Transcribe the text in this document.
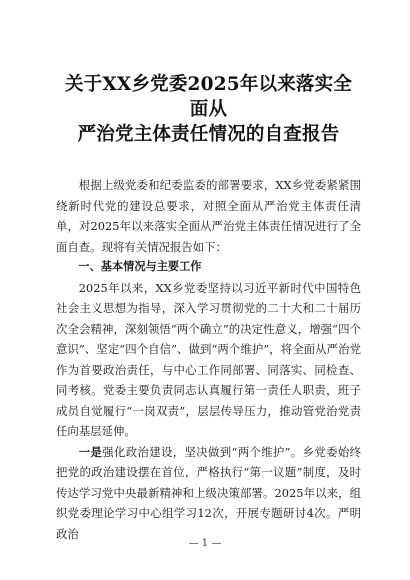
关于XX乡党委2025年以来落实全面从
严治党主体责任情况的自查报告

根据上级党委和纪委监委的部署要求，XX乡党委紧紧围绕新时代党的建设总要求，对照全面从严治党主体责任清单，对2025年以来落实全面从严治党主体责任情况进行了全面自查。现将有关情况报告如下：

一、基本情况与主要工作

2025年以来，XX乡党委坚持以习近平新时代中国特色社会主义思想为指导，深入学习贯彻党的二十大和二十届历次全会精神，深刻领悟“两个确立”的决定性意义，增强“四个意识”、坚定“四个自信”、做到“两个维护”，将全面从严治党作为首要政治责任，与中心工作同部署、同落实、同检查、同考核。党委主要负责同志认真履行第一责任人职责，班子成员自觉履行“一岗双责”，层层传导压力，推动管党治党责任向基层延伸。

一是强化政治建设，坚决做到“两个维护”。乡党委始终把党的政治建设摆在首位，严格执行“第一议题”制度，及时传达学习党中央最新精神和上级决策部署。2025年以来，组织党委理论学习中心组学习12次，开展专题研讨4次。严明政治

— 1 —
